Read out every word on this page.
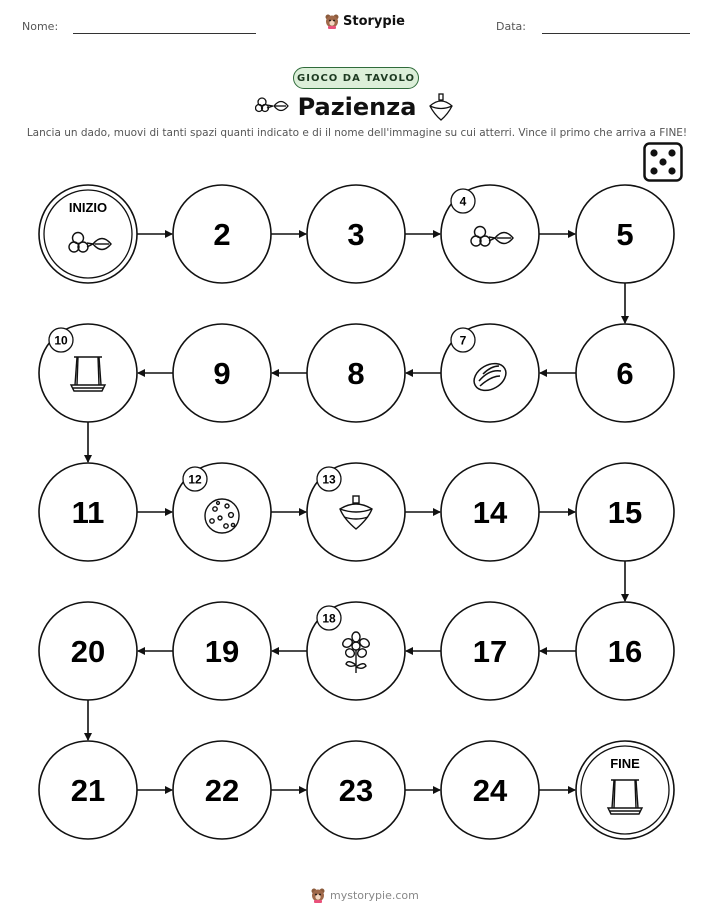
Nome:	Storypie	Data:
GIOCO DA TAVOLO
Pazienza
Lancia un dado, muovi di tanti spazi quanti indicato e di il nome dell'immagine su cui atterri. Vince il primo che arriva a FINE!
INIZIO
2	3
4
5
6
7
8
9
10
11
12	13
14	15
16
17
18
19
20
21	22	23	24
FINE
mystorypie.com
